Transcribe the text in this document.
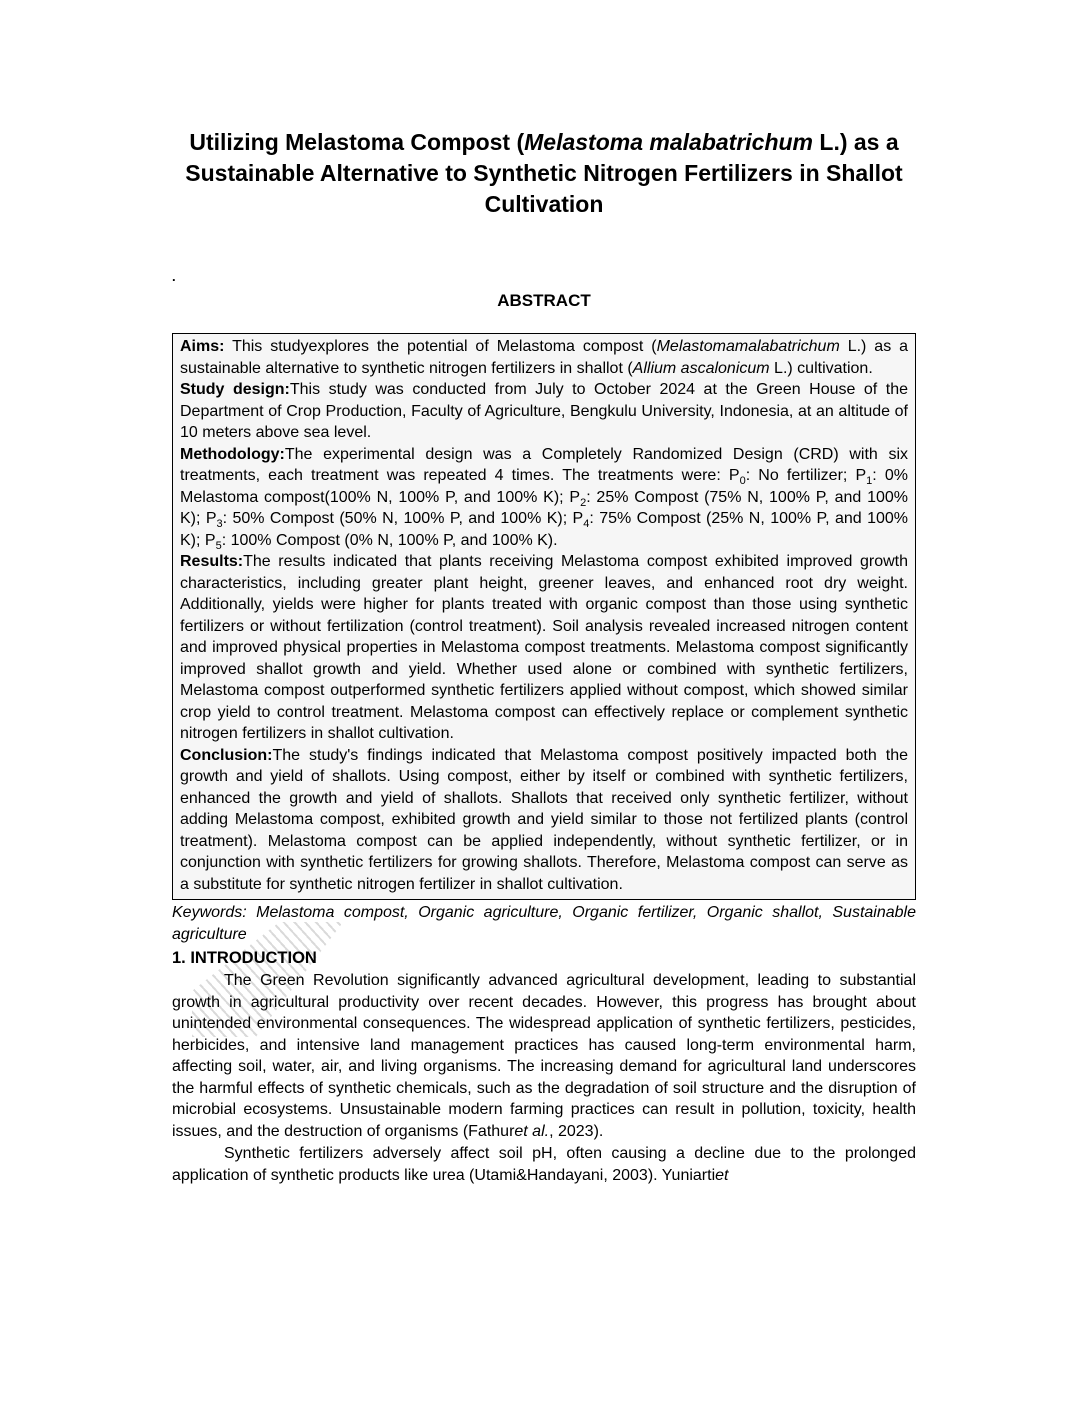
Utilizing Melastoma Compost (Melastoma malabatrichum L.) as a Sustainable Alternative to Synthetic Nitrogen Fertilizers in Shallot Cultivation
.
ABSTRACT

Aims: This studyexplores the potential of Melastoma compost (Melastomamalabatrichum L.) as a sustainable alternative to synthetic nitrogen fertilizers in shallot (Allium ascalonicum L.) cultivation.

Study design:This study was conducted from July to October 2024 at the Green House of the Department of Crop Production, Faculty of Agriculture, Bengkulu University, Indonesia, at an altitude of 10 meters above sea level.

Methodology:The experimental design was a Completely Randomized Design (CRD) with six treatments, each treatment was repeated 4 times. The treatments were: $P_0$: No fertilizer; $P_1$: 0% Melastoma compost(100% N, 100% P, and 100% K); $P_2$: 25% Compost (75% N, 100% P, and 100% K); $P_3$: 50% Compost (50% N, 100% P, and 100% K); $P_4$: 75% Compost (25% N, 100% P, and 100% K); $P_5$: 100% Compost (0% N, 100% P, and 100% K).

Results:The results indicated that plants receiving Melastoma compost exhibited improved growth characteristics, including greater plant height, greener leaves, and enhanced root dry weight. Additionally, yields were higher for plants treated with organic compost than those using synthetic fertilizers or without fertilization (control treatment). Soil analysis revealed increased nitrogen content and improved physical properties in Melastoma compost treatments. Melastoma compost significantly improved shallot growth and yield. Whether used alone or combined with synthetic fertilizers, Melastoma compost outperformed synthetic fertilizers applied without compost, which showed similar crop yield to control treatment. Melastoma compost can effectively replace or complement synthetic nitrogen fertilizers in shallot cultivation.

Conclusion:The study's findings indicated that Melastoma compost positively impacted both the growth and yield of shallots. Using compost, either by itself or combined with synthetic fertilizers, enhanced the growth and yield of shallots. Shallots that received only synthetic fertilizer, without adding Melastoma compost, exhibited growth and yield similar to those not fertilized plants (control treatment). Melastoma compost can be applied independently, without synthetic fertilizer, or in conjunction with synthetic fertilizers for growing shallots. Therefore, Melastoma compost can serve as a substitute for synthetic nitrogen fertilizer in shallot cultivation.

Keywords: Melastoma compost, Organic agriculture, Organic fertilizer, Organic shallot, Sustainable agriculture

1. INTRODUCTION

The Green Revolution significantly advanced agricultural development, leading to substantial growth in agricultural productivity over recent decades. However, this progress has brought about unintended environmental consequences. The widespread application of synthetic fertilizers, pesticides, herbicides, and intensive land management practices has caused long-term environmental harm, affecting soil, water, air, and living organisms. The increasing demand for agricultural land underscores the harmful effects of synthetic chemicals, such as the degradation of soil structure and the disruption of microbial ecosystems. Unsustainable modern farming practices can result in pollution, toxicity, health issues, and the destruction of organisms (Fathuret al., 2023).

Synthetic fertilizers adversely affect soil pH, often causing a decline due to the prolonged application of synthetic products like urea (Utami&Handayani, 2003). Yuniartiet
